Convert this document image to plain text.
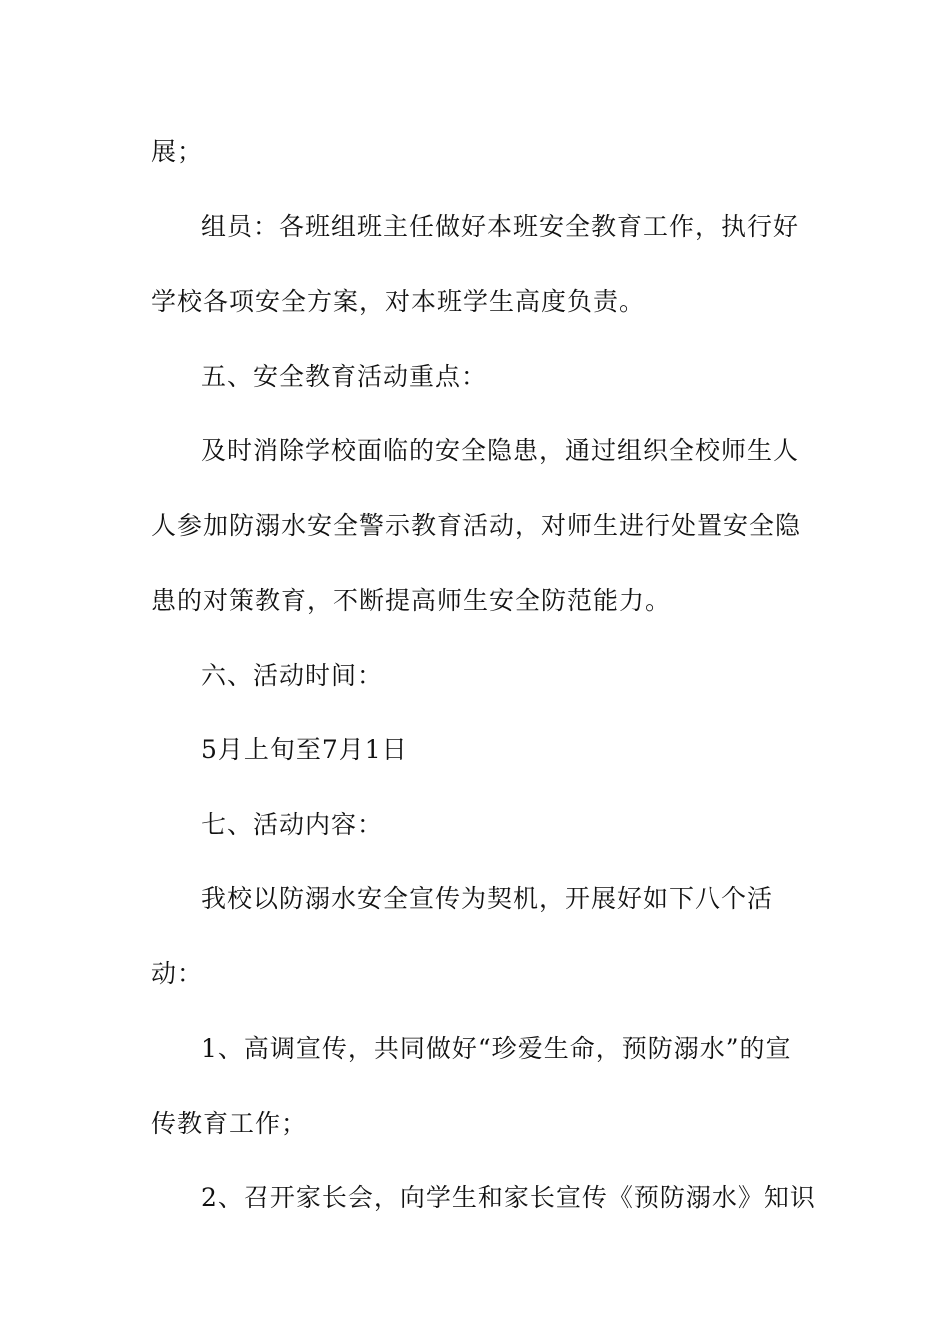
展；
组员：各班组班主任做好本班安全教育工作，执行好
学校各项安全方案，对本班学生高度负责。
五、安全教育活动重点：
及时消除学校面临的安全隐患，通过组织全校师生人
人参加防溺水安全警示教育活动，对师生进行处置安全隐
患的对策教育，不断提高师生安全防范能力。
六、活动时间：
5月上旬至7月1日
七、活动内容：
我校以防溺水安全宣传为契机，开展好如下八个活
动：
1、高调宣传，共同做好“珍爱生命，预防溺水”的宣
传教育工作；
2、召开家长会，向学生和家长宣传《预防溺水》知识
